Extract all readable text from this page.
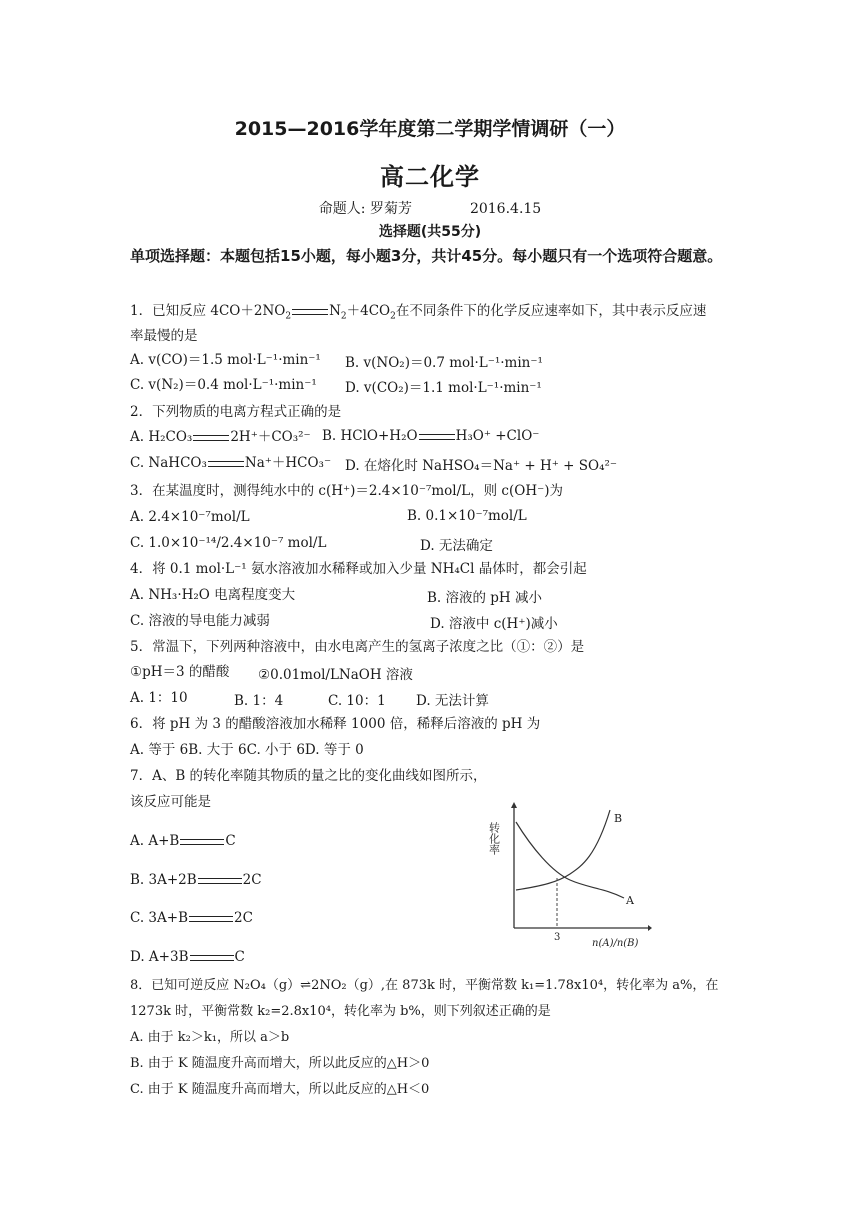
2015—2016学年度第二学期学情调研（一）
高二化学
命题人: 罗菊芳	2016.4.15
选择题(共55分)
单项选择题：本题包括15小题，每小题3分，共计45分。每小题只有一个选项符合题意。
1．已知反应 $4CO+2NO_2$	$N_2+4CO_2$在不同条件下的化学反应速率如下，其中表示反应速
率最慢的是
A. v(CO)＝1.5 mol·L⁻¹·min⁻¹ B. v(NO₂)＝0.7 mol·L⁻¹·min⁻¹
C. v(N₂)＝0.4 mol·L⁻¹·min⁻¹ D. v(CO₂)＝1.1 mol·L⁻¹·min⁻¹
2．下列物质的电离方程式正确的是
A. H₂CO₃	2H⁺＋CO₃²⁻ B. HClO+H₂O	H₃O⁺ +ClO⁻
C. NaHCO₃	Na⁺＋HCO₃⁻ D. 在熔化时 NaHSO₄＝Na⁺ + H⁺ + SO₄²⁻
3．在某温度时，测得纯水中的 c(H⁺)＝2.4×10⁻⁷mol/L，则 c(OH⁻)为
A. 2.4×10⁻⁷mol/L	B. 0.1×10⁻⁷mol/L
C. 1.0×10⁻¹⁴/2.4×10⁻⁷ mol/L	D. 无法确定
4．将 0.1 mol·L⁻¹ 氨水溶液加水稀释或加入少量 NH₄Cl 晶体时，都会引起
A. NH₃·H₂O 电离程度变大	B. 溶液的 pH 减小
C. 溶液的导电能力减弱	D. 溶液中 c(H⁺)减小
5．常温下，下列两种溶液中，由水电离产生的氢离子浓度之比（①：②）是
①pH＝3 的醋酸 ②0.01mol/LNaOH 溶液
A. 1：10	B. 1：4	C. 10：1 D. 无法计算
6．将 pH 为 3 的醋酸溶液加水稀释 1000 倍，稀释后溶液的 pH 为
A. 等于 6B. 大于 6C. 小于 6D. 等于 0
7．A、B 的转化率随其物质的量之比的变化曲线如图所示，
该反应可能是
A. A+B	C
B. 3A+2B	2C
C. 3A+B	2C
D. A+3B	C
转化率
B
A
3
n(A)/n(B)
8．已知可逆反应 N₂O₄（g）⇌2NO₂（g）,在 873k 时，平衡常数 k₁=1.78x10⁴，转化率为 a%，在
1273k 时，平衡常数 k₂=2.8x10⁴，转化率为 b%，则下列叙述正确的是
A. 由于 k₂＞k₁，所以 a＞b
B. 由于 K 随温度升高而增大，所以此反应的△H＞0
C. 由于 K 随温度升高而增大，所以此反应的△H＜0
